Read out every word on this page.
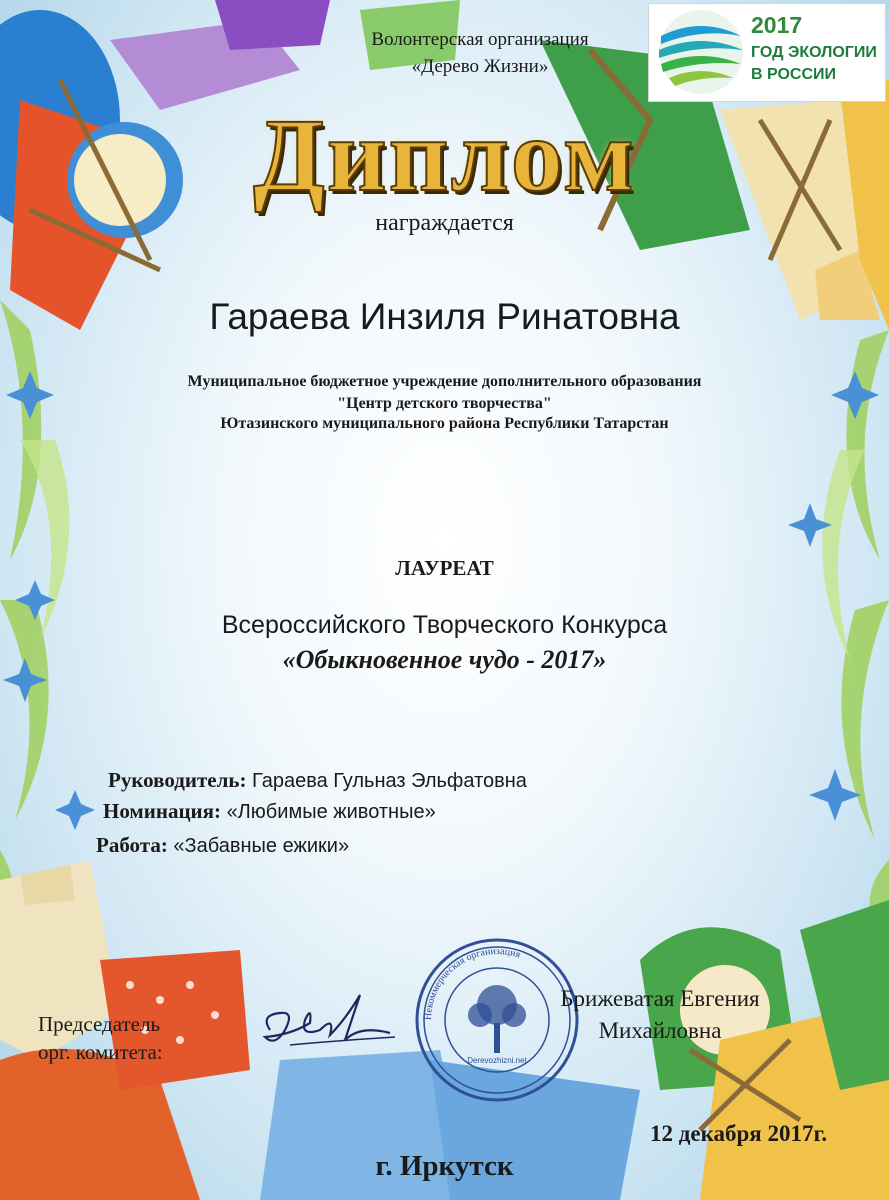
Волонтерская организация
«Дерево Жизни»
2017
ГОД ЭКОЛОГИИ
В РОССИИ
Диплом
награждается
Гараева Инзиля Ринатовна
Муниципальное бюджетное учреждение дополнительного образования
"Центр детского творчества"
Ютазинского муниципального района Республики Татарстан
ЛАУРЕАТ
Всероссийского Творческого Конкурса
«Обыкновенное чудо - 2017»
Руководитель: Гараева Гульназ Эльфатовна
Номинация: «Любимые животные»
Работа: «Забавные ежики»
Председатель
орг. комитета:
Некоммерческая организация
Derevozhizni.net
Брижеватая Евгения
Михайловна
12 декабря 2017г.
г. Иркутск
